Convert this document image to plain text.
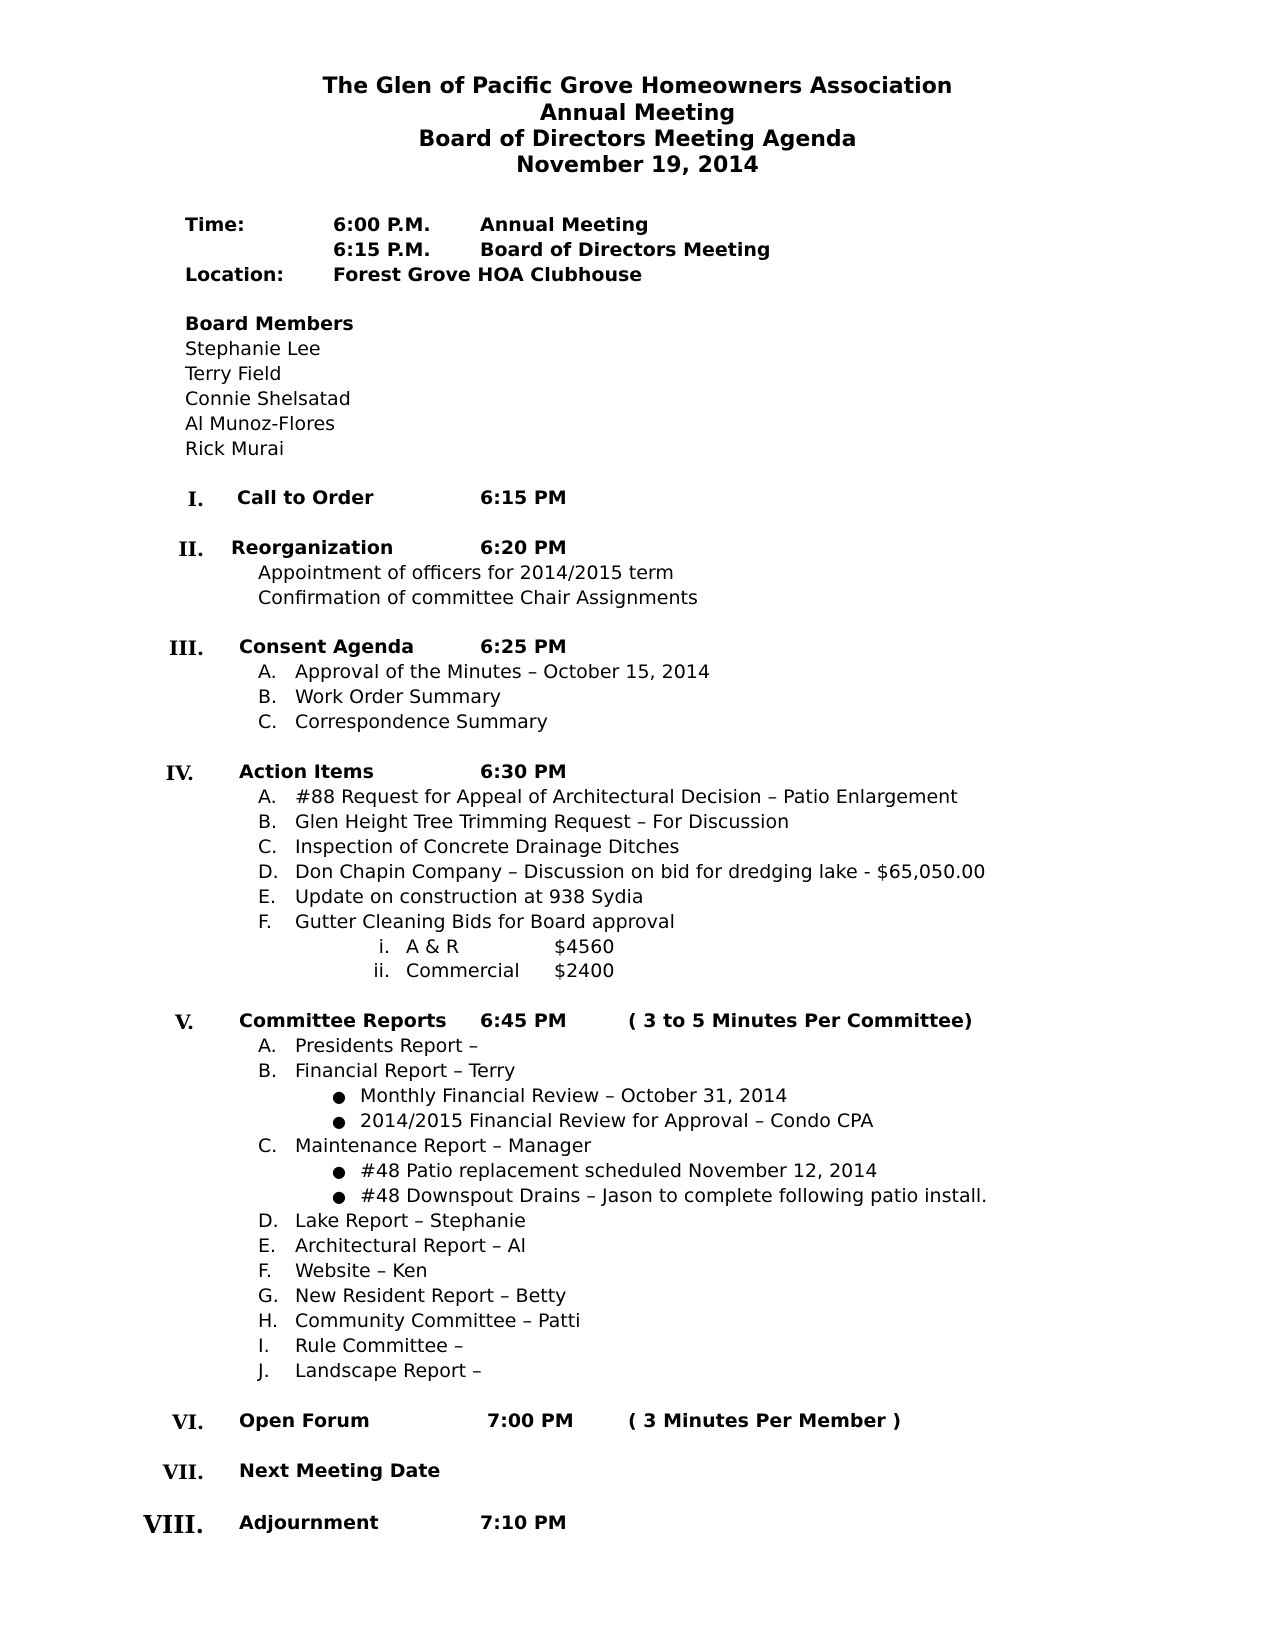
The Glen of Pacific Grove Homeowners Association
Annual Meeting
Board of Directors Meeting Agenda
November 19, 2014
Time:	6:00 P.M.	Annual Meeting
6:15 P.M.	Board of Directors Meeting
Location:	Forest Grove HOA Clubhouse
Board Members
Stephanie Lee
Terry Field
Connie Shelsatad
Al Munoz-Flores
Rick Murai
I. Call to Order	6:15 PM
II. Reorganization	6:20 PM
Appointment of officers for 2014/2015 term
Confirmation of committee Chair Assignments
III. Consent Agenda	6:25 PM
A. Approval of the Minutes – October 15, 2014
B. Work Order Summary
C. Correspondence Summary
IV. Action Items	6:30 PM
A. #88 Request for Appeal of Architectural Decision – Patio Enlargement
B. Glen Height Tree Trimming Request – For Discussion
C. Inspection of Concrete Drainage Ditches
D. Don Chapin Company – Discussion on bid for dredging lake - $65,050.00
E. Update on construction at 938 Sydia
F. Gutter Cleaning Bids for Board approval
i. A & R	$4560
ii. Commercial $2400
V. Committee Reports 6:45 PM	( 3 to 5 Minutes Per Committee)
A. Presidents Report –
B. Financial Report – Terry
● Monthly Financial Review – October 31, 2014
● 2014/2015 Financial Review for Approval – Condo CPA
C. Maintenance Report – Manager
● #48 Patio replacement scheduled November 12, 2014
● #48 Downspout Drains – Jason to complete following patio install.
D. Lake Report – Stephanie
E. Architectural Report – Al
F. Website – Ken
G. New Resident Report – Betty
H. Community Committee – Patti
I. Rule Committee –
J. Landscape Report –
VI. Open Forum	7:00 PM	( 3 Minutes Per Member )
VII. Next Meeting Date
VIII. Adjournment	7:10 PM
